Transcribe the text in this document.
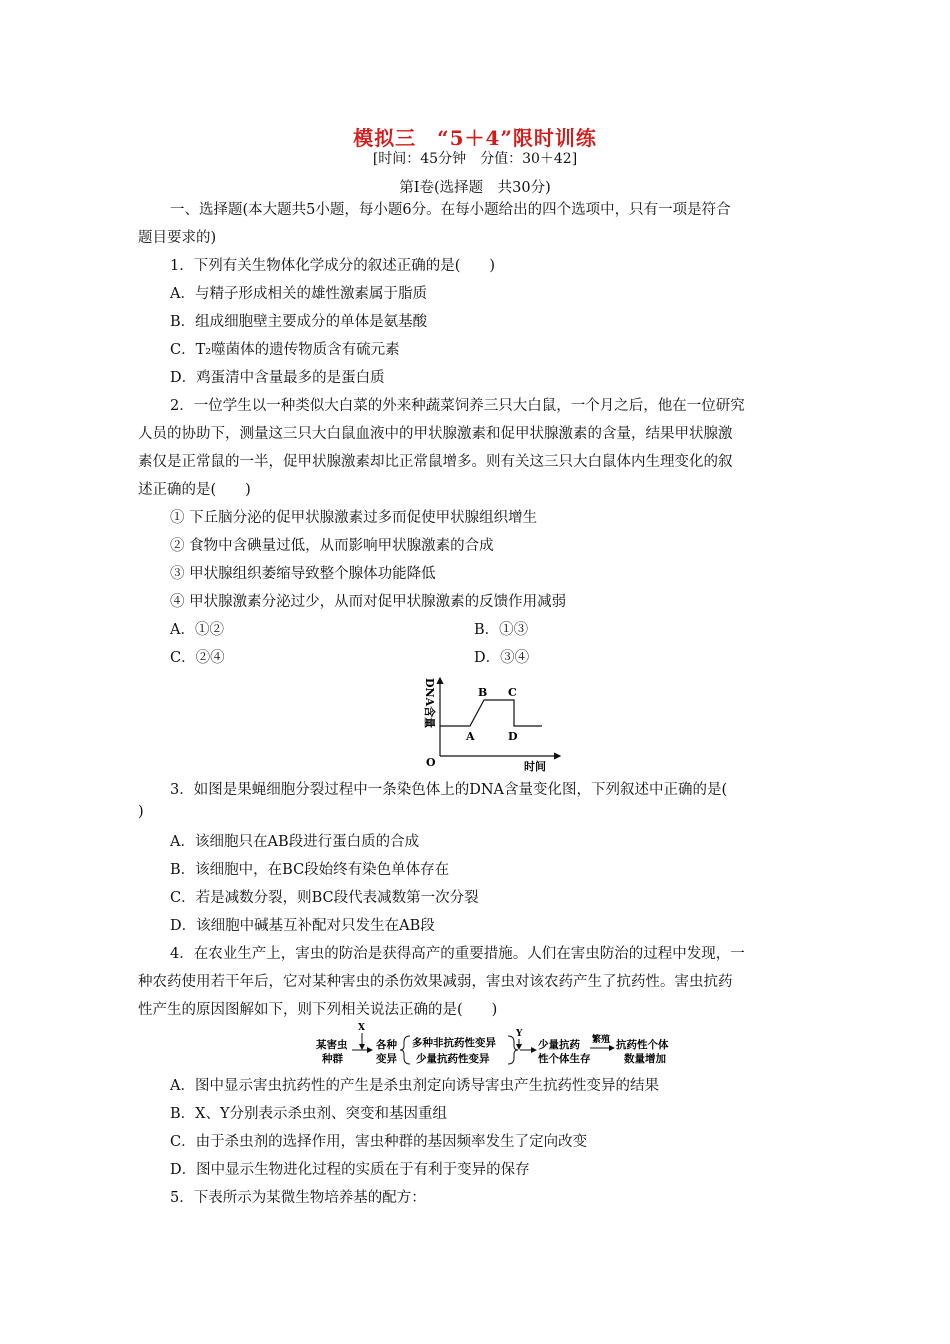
模拟三　“5＋4”限时训练
[时间：45分钟　分值：30＋42]
第Ⅰ卷(选择题　共30分)
一、选择题(本大题共5小题，每小题6分。在每小题给出的四个选项中，只有一项是符合
题目要求的)
1．下列有关生物体化学成分的叙述正确的是(　　)
A．与精子形成相关的雄性激素属于脂质
B．组成细胞壁主要成分的单体是氨基酸
C．T₂噬菌体的遗传物质含有硫元素
D．鸡蛋清中含量最多的是蛋白质
2．一位学生以一种类似大白菜的外来种蔬菜饲养三只大白鼠，一个月之后，他在一位研究
人员的协助下，测量这三只大白鼠血液中的甲状腺激素和促甲状腺激素的含量，结果甲状腺激
素仅是正常鼠的一半，促甲状腺激素却比正常鼠增多。则有关这三只大白鼠体内生理变化的叙
述正确的是(　　)
① 下丘脑分泌的促甲状腺激素过多而促使甲状腺组织增生
② 食物中含碘量过低，从而影响甲状腺激素的合成
③ 甲状腺组织萎缩导致整个腺体功能降低
④ 甲状腺激素分泌过少，从而对促甲状腺激素的反馈作用减弱
A．①②	B．①③
C．②④	D．③④
DNA含量
时间
O
A
B C
D
3．如图是果蝇细胞分裂过程中一条染色体上的DNA含量变化图，下列叙述中正确的是(
)
A．该细胞只在AB段进行蛋白质的合成
B．该细胞中，在BC段始终有染色单体存在
C．若是减数分裂，则BC段代表减数第一次分裂
D．该细胞中碱基互补配对只发生在AB段
4．在农业生产上，害虫的防治是获得高产的重要措施。人们在害虫防治的过程中发现，一
种农药使用若干年后，它对某种害虫的杀伤效果减弱，害虫对该农药产生了抗药性。害虫抗药
性产生的原因图解如下，则下列相关说法正确的是(　　)
某害虫
种群
X
各种
变异
多种非抗药性变异
少量抗药性变异
Y
少量抗药
性个体生存
繁殖 抗药性个体
数量增加
A．图中显示害虫抗药性的产生是杀虫剂定向诱导害虫产生抗药性变异的结果
B．X、Y分别表示杀虫剂、突变和基因重组
C．由于杀虫剂的选择作用，害虫种群的基因频率发生了定向改变
D．图中显示生物进化过程的实质在于有利于变异的保存
5．下表所示为某微生物培养基的配方：
